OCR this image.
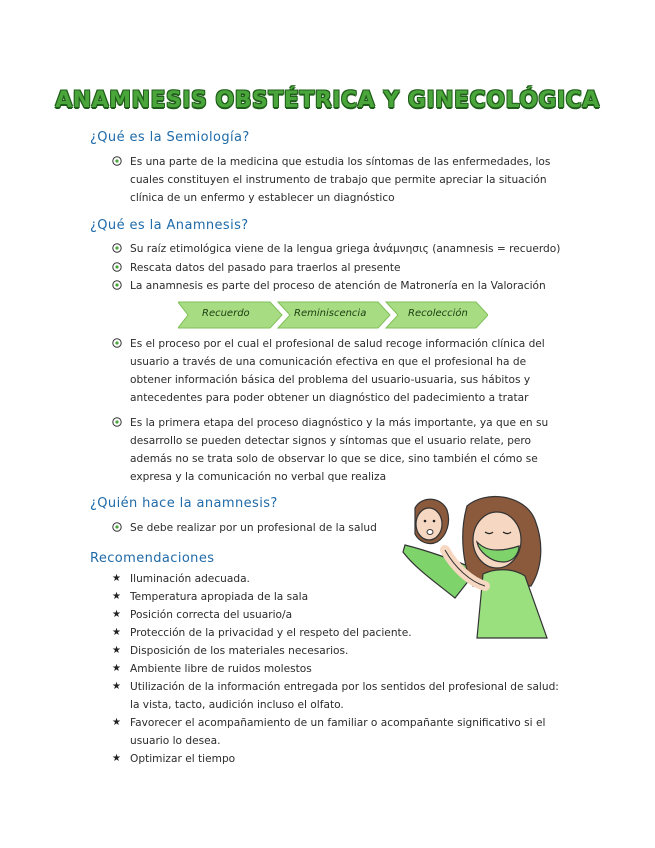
ANAMNESIS OBSTÉTRICA Y GINECOLÓGICA
¿Qué es la Semiología?
Es una parte de la medicina que estudia los síntomas de las enfermedades, los cuales constituyen el instrumento de trabajo que permite apreciar la situación clínica de un enfermo y establecer un diagnóstico
¿Qué es la Anamnesis?
Su raíz etimológica viene de la lengua griega ἀνάμνησις (anamnesis = recuerdo)
Rescata datos del pasado para traerlos al presente
La anamnesis es parte del proceso de atención de Matronería en la Valoración
Recuerdo	Reminiscencia	Recolección
Es el proceso por el cual el profesional de salud recoge información clínica del usuario a través de una comunicación efectiva en que el profesional ha de obtener información básica del problema del usuario-usuaria, sus hábitos y antecedentes para poder obtener un diagnóstico del padecimiento a tratar
Es la primera etapa del proceso diagnóstico y la más importante, ya que en su desarrollo se pueden detectar signos y síntomas que el usuario relate, pero además no se trata solo de observar lo que se dice, sino también el cómo se expresa y la comunicación no verbal que realiza
¿Quién hace la anamnesis?
Se debe realizar por un profesional de la salud
Recomendaciones
★ Iluminación adecuada.
★ Temperatura apropiada de la sala
★ Posición correcta del usuario/a
★ Protección de la privacidad y el respeto del paciente.
★ Disposición de los materiales necesarios.
★ Ambiente libre de ruidos molestos
★ Utilización de la información entregada por los sentidos del profesional de salud: la vista, tacto, audición incluso el olfato.
★ Favorecer el acompañamiento de un familiar o acompañante significativo si el usuario lo desea.
★ Optimizar el tiempo
